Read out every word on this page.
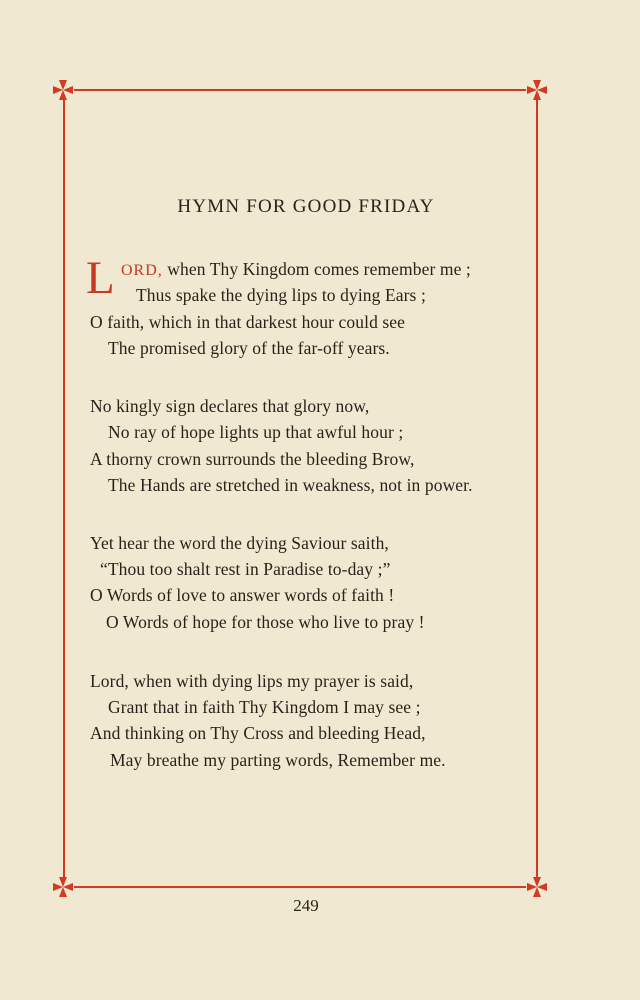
HYMN FOR GOOD FRIDAY
L ORD, when Thy Kingdom comes remember me ;
Thus spake the dying lips to dying Ears ;
O faith, which in that darkest hour could see
The promised glory of the far-off years.
No kingly sign declares that glory now,
No ray of hope lights up that awful hour ;
A thorny crown surrounds the bleeding Brow,
The Hands are stretched in weakness, not in power.
Yet hear the word the dying Saviour saith,
“Thou too shalt rest in Paradise to-day ;”
O Words of love to answer words of faith !
O Words of hope for those who live to pray !
Lord, when with dying lips my prayer is said,
Grant that in faith Thy Kingdom I may see ;
And thinking on Thy Cross and bleeding Head,
May breathe my parting words, Remember me.
249
